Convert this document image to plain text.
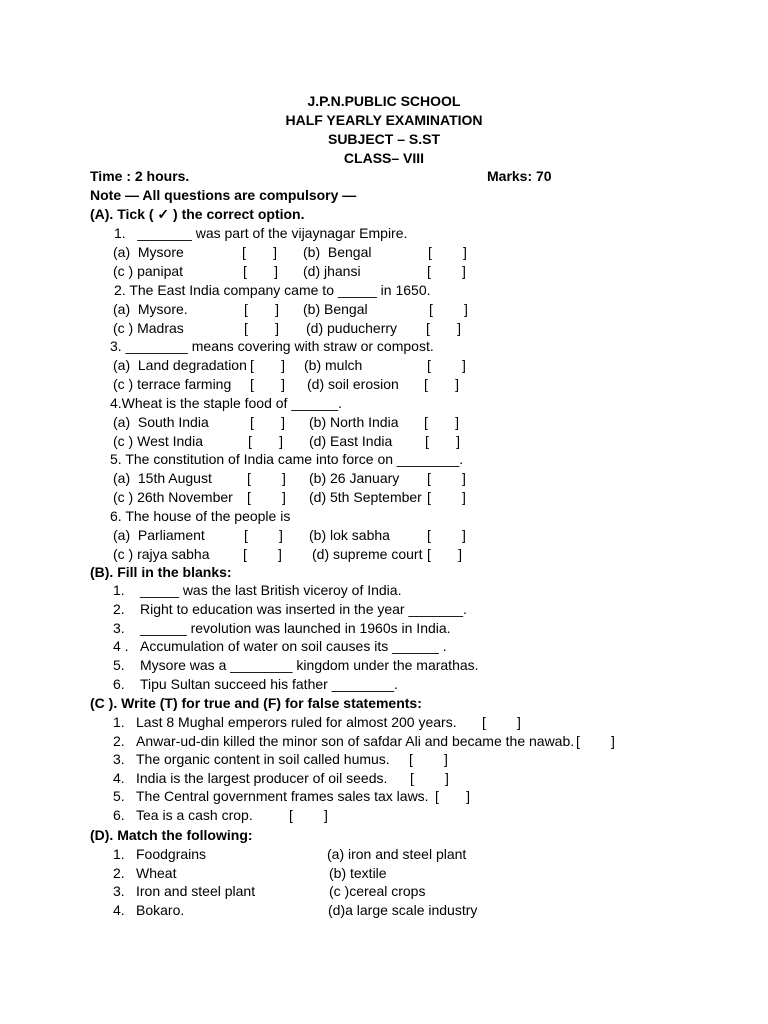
J.P.N.PUBLIC SCHOOL
HALF YEARLY EXAMINATION
SUBJECT – S.ST
CLASS– VIII
Time : 2 hours.	Marks: 70
Note — All questions are compulsory —
(A). Tick ( ✓ ) the correct option.
1.   _______ was part of the vijaynagar Empire.
(a)  Mysore	[       ] (b)  Bengal	[        ]
(c ) panipat	[       ] (d) jhansi	[        ]
2. The East India company came to _____ in 1650.
(a)  Mysore.	[       ] (b) Bengal	[        ]
(c ) Madras	[       ] (d) puducherry [       ]
3. ________ means covering with straw or compost.
(a)  Land degradation [       ] (b) mulch	[        ]
(c ) terrace farming [       ] (d) soil erosion [       ]
4.Wheat is the staple food of ______.
(a)  South India	[       ] (b) North India [       ]
(c ) West India	[       ] (d) East India [       ]
5. The constitution of India came into force on ________.
(a)  15th August	[        ] (b) 26 January [        ]
(c ) 26th November [        ] (d) 5th September [        ]
6. The house of the people is
(a)  Parliament	[        ] (b) lok sabha	[        ]
(c ) rajya sabha [        ] (d) supreme court [       ]
(B). Fill in the blanks:
1. _____ was the last British viceroy of India.
2. Right to education was inserted in the year _______.
3. ______ revolution was launched in 1960s in India.
4 . Accumulation of water on soil causes its ______ .
5. Mysore was a ________ kingdom under the marathas.
6. Tipu Sultan succeed his father ________.
(C ). Write (T) for true and (F) for false statements:
1. Last 8 Mughal emperors ruled for almost 200 years. [        ]
2. Anwar-ud-din killed the minor son of safdar Ali and became the nawab. [        ]
3. The organic content in soil called humus. [        ]
4. India is the largest producer of oil seeds. [        ]
5. The Central government frames sales tax laws. [       ]
6. Tea is a cash crop.	[        ]
(D). Match the following:
1. Foodgrains	(a) iron and steel plant
2. Wheat	(b) textile
3. Iron and steel plant	(c )cereal crops
4. Bokaro.	(d)a large scale industry
